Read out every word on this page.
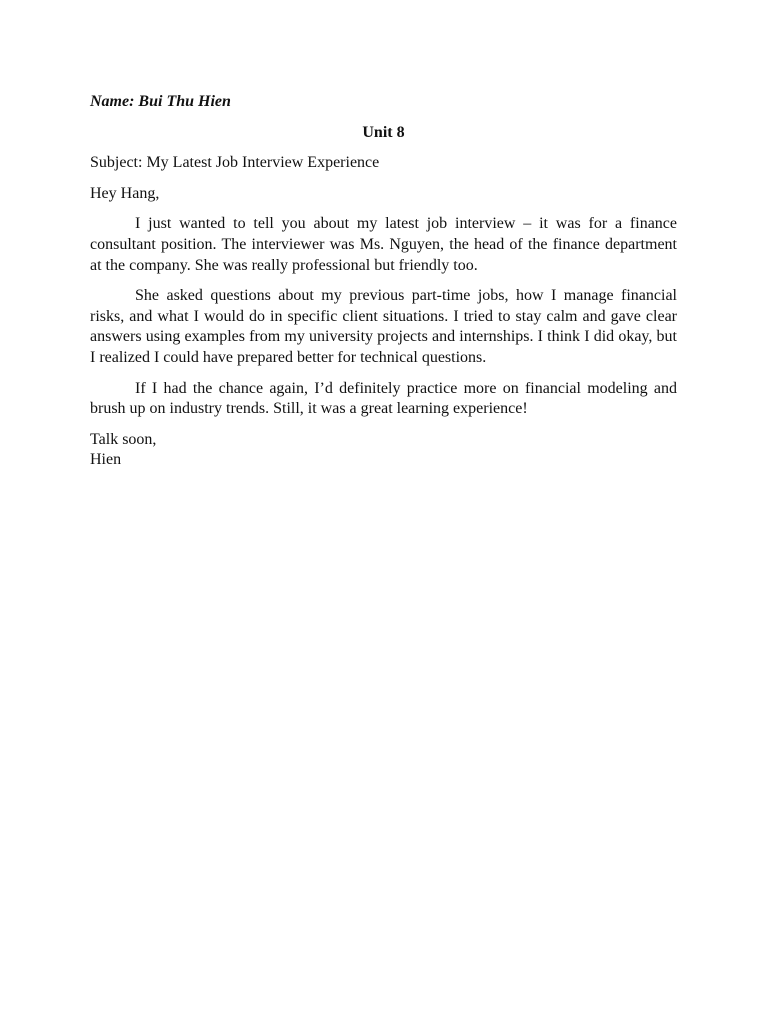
Name: Bui Thu Hien

Unit 8

Subject: My Latest Job Interview Experience

Hey Hang,

I just wanted to tell you about my latest job interview – it was for a finance consultant position. The interviewer was Ms. Nguyen, the head of the finance department at the company. She was really professional but friendly too.

She asked questions about my previous part-time jobs, how I manage financial risks, and what I would do in specific client situations. I tried to stay calm and gave clear answers using examples from my university projects and internships. I think I did okay, but I realized I could have prepared better for technical questions.

If I had the chance again, I’d definitely practice more on financial modeling and brush up on industry trends. Still, it was a great learning experience!

Talk soon,

Hien
